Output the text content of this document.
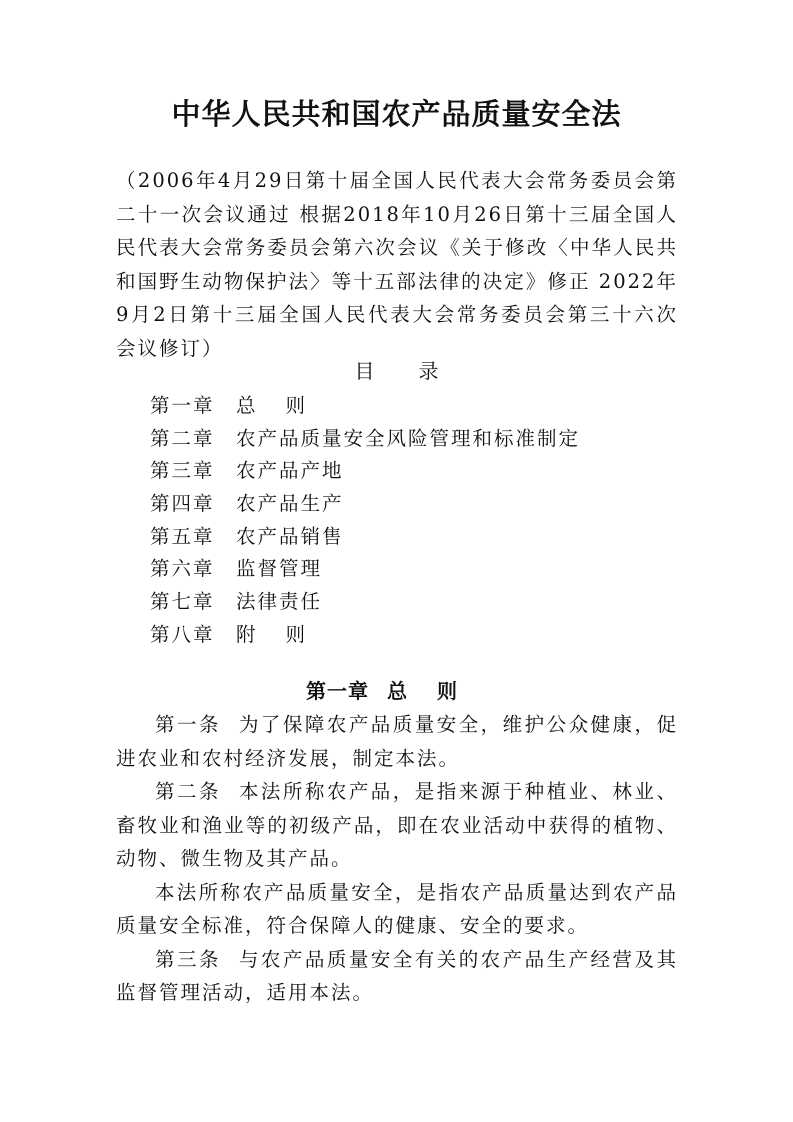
中华人民共和国农产品质量安全法
（2006年4月29日第十届全国人民代表大会常务委员会第二十一次会议通过 根据2018年10月26日第十三届全国人民代表大会常务委员会第六次会议《关于修改〈中华人民共和国野生动物保护法〉等十五部法律的决定》修正 2022年9月2日第十三届全国人民代表大会常务委员会第三十六次会议修订）
目录
第一章 总则
第二章 农产品质量安全风险管理和标准制定
第三章 农产品产地
第四章 农产品生产
第五章 农产品销售
第六章 监督管理
第七章 法律责任
第八章 附则
第一章 总则

第一条 为了保障农产品质量安全，维护公众健康，促进农业和农村经济发展，制定本法。

第二条 本法所称农产品，是指来源于种植业、林业、畜牧业和渔业等的初级产品，即在农业活动中获得的植物、动物、微生物及其产品。

本法所称农产品质量安全，是指农产品质量达到农产品质量安全标准，符合保障人的健康、安全的要求。

第三条 与农产品质量安全有关的农产品生产经营及其监督管理活动，适用本法。
